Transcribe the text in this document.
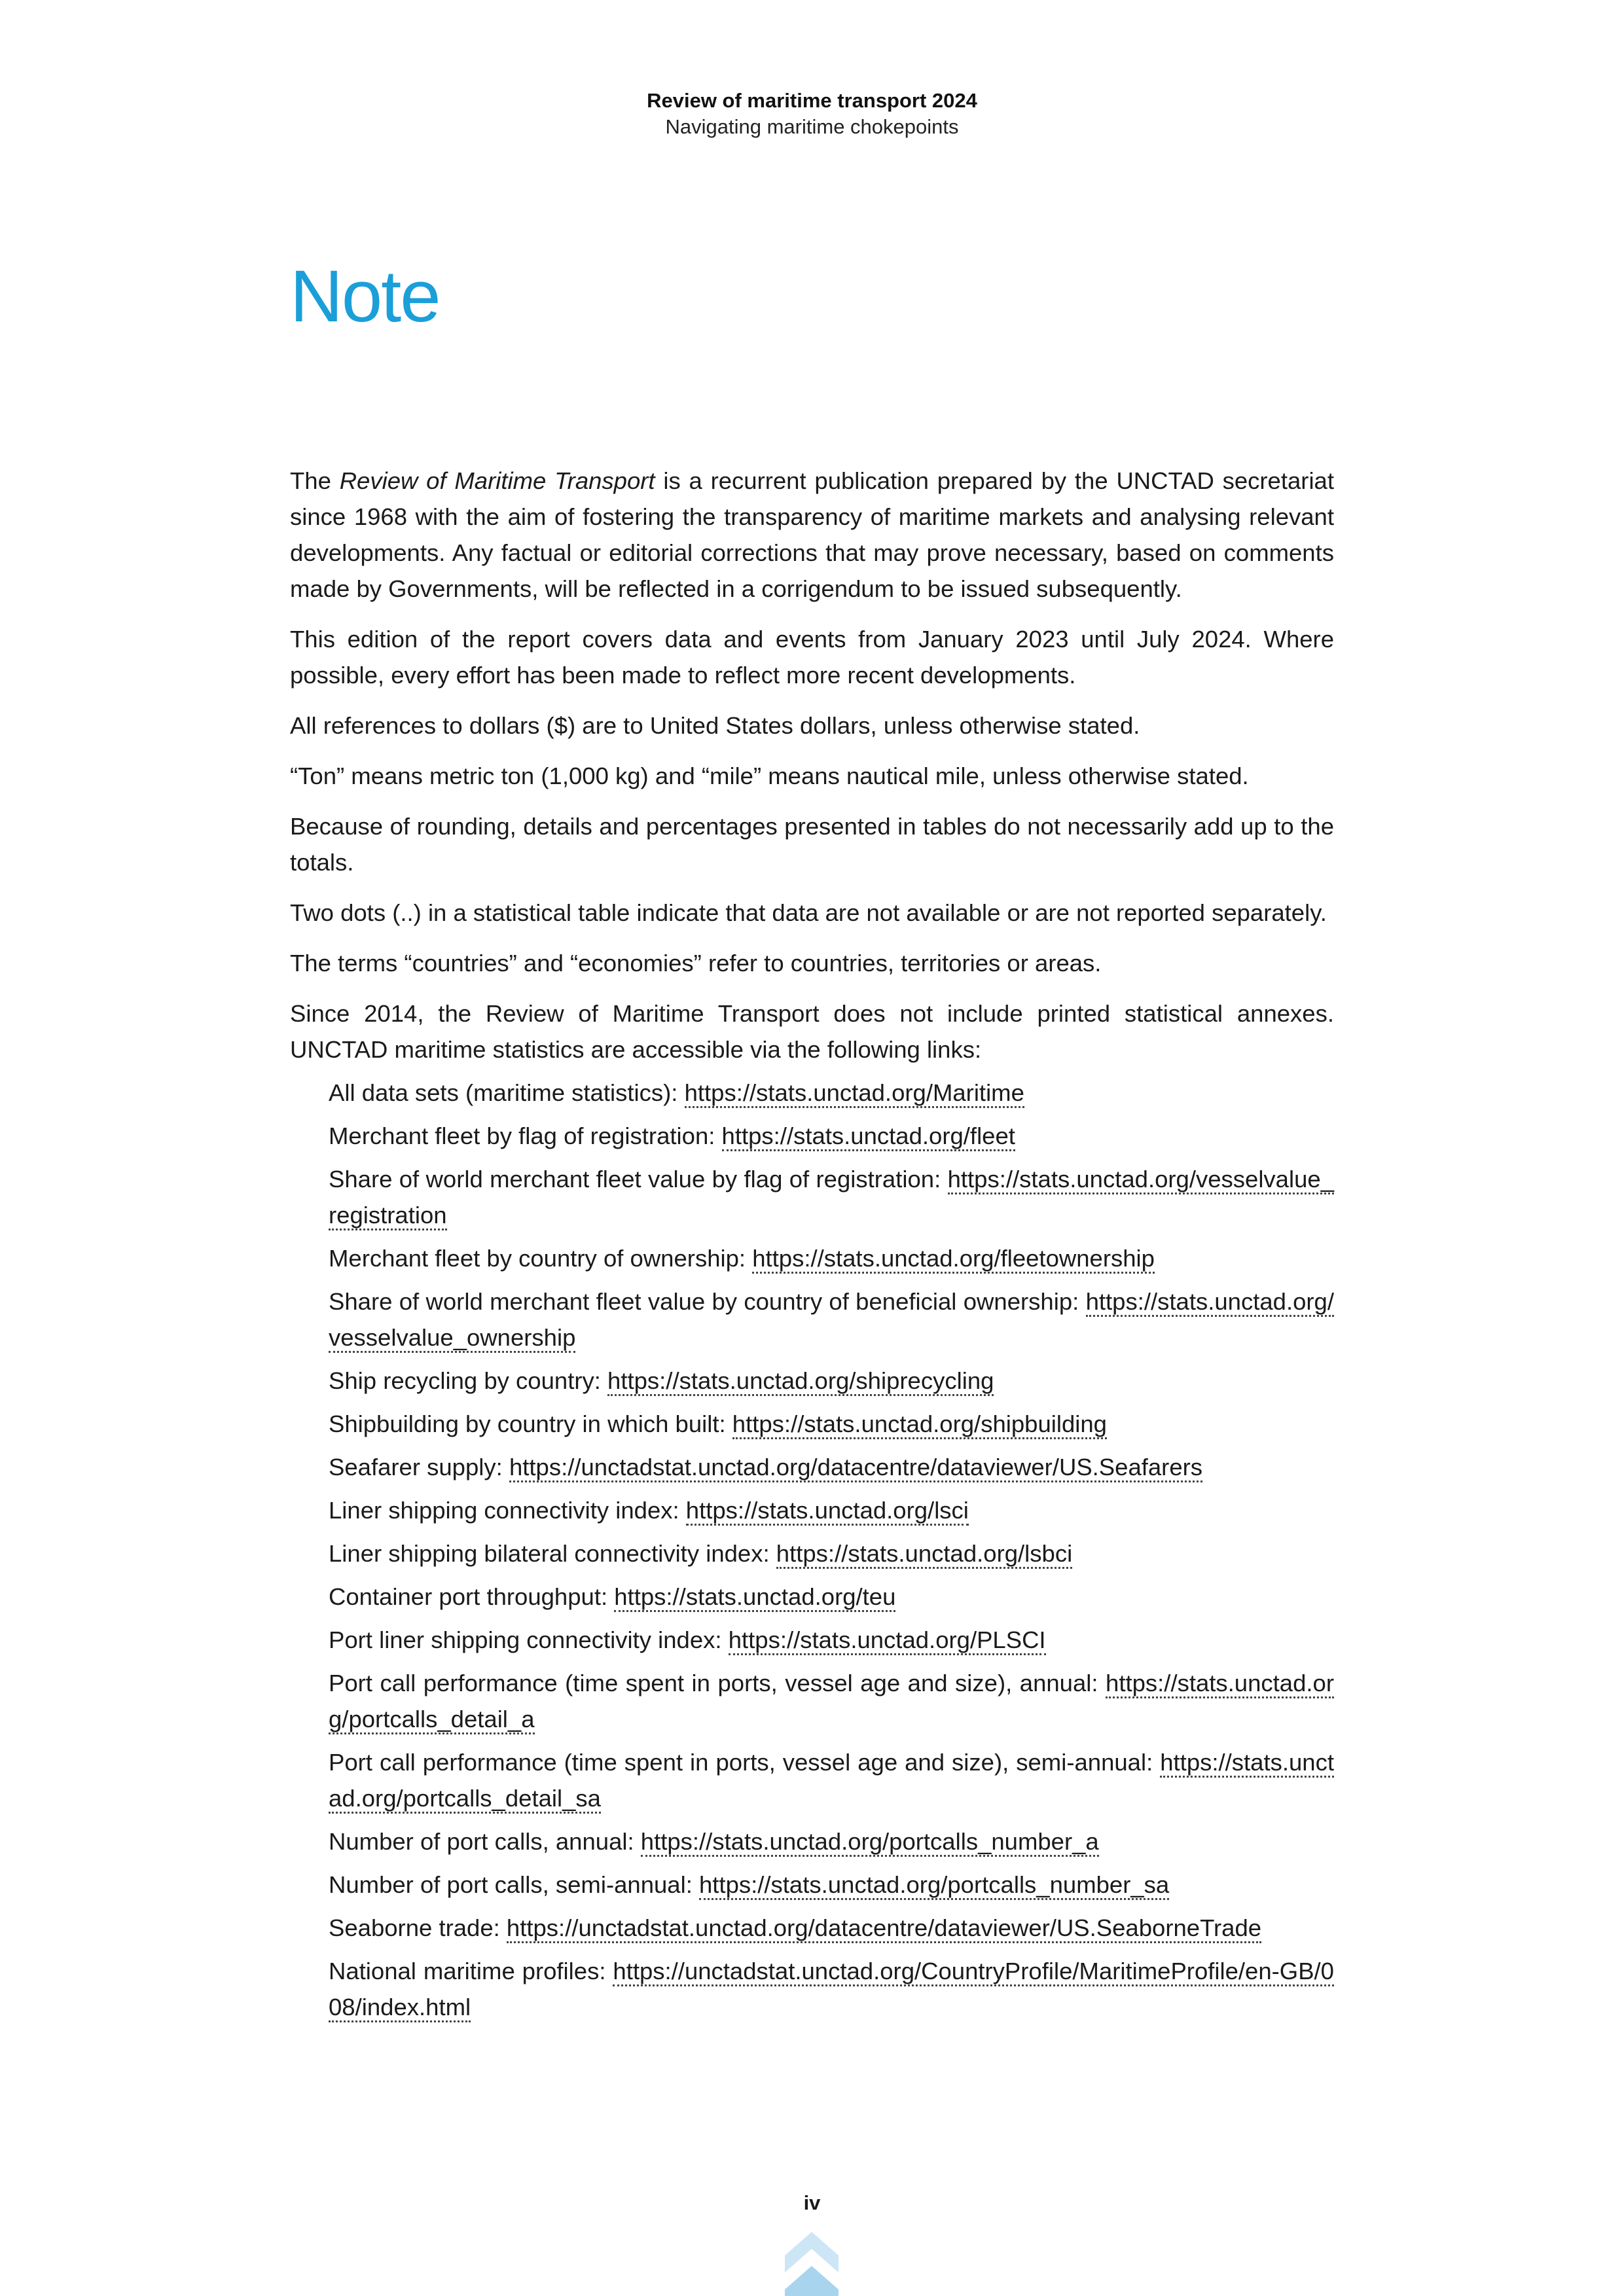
Review of maritime transport 2024
Navigating maritime chokepoints
Note

The Review of Maritime Transport is a recurrent publication prepared by the UNCTAD secretariat since 1968 with the aim of fostering the transparency of maritime markets and analysing relevant developments. Any factual or editorial corrections that may prove necessary, based on comments made by Governments, will be reflected in a corrigendum to be issued subsequently.

This edition of the report covers data and events from January 2023 until July 2024. Where possible, every effort has been made to reflect more recent developments.

All references to dollars ($) are to United States dollars, unless otherwise stated.

“Ton” means metric ton (1,000 kg) and “mile” means nautical mile, unless otherwise stated.

Because of rounding, details and percentages presented in tables do not necessarily add up to the totals.

Two dots (..) in a statistical table indicate that data are not available or are not reported separately.

The terms “countries” and “economies” refer to countries, territories or areas.

Since 2014, the Review of Maritime Transport does not include printed statistical annexes. UNCTAD maritime statistics are accessible via the following links:

All data sets (maritime statistics): https://stats.unctad.org/Maritime
Merchant fleet by flag of registration: https://stats.unctad.org/fleet
Share of world merchant fleet value by flag of registration: https://stats.unctad.org/vesselvalue_registration
Merchant fleet by country of ownership: https://stats.unctad.org/fleetownership
Share of world merchant fleet value by country of beneficial ownership: https://stats.unctad.org/vesselvalue_ownership
Ship recycling by country: https://stats.unctad.org/shiprecycling
Shipbuilding by country in which built: https://stats.unctad.org/shipbuilding
Seafarer supply: https://unctadstat.unctad.org/datacentre/dataviewer/US.Seafarers
Liner shipping connectivity index: https://stats.unctad.org/lsci
Liner shipping bilateral connectivity index: https://stats.unctad.org/lsbci
Container port throughput: https://stats.unctad.org/teu
Port liner shipping connectivity index: https://stats.unctad.org/PLSCI
Port call performance (time spent in ports, vessel age and size), annual: https://stats.unctad.org/portcalls_detail_a
Port call performance (time spent in ports, vessel age and size), semi-annual: https://stats.unctad.org/portcalls_detail_sa
Number of port calls, annual: https://stats.unctad.org/portcalls_number_a
Number of port calls, semi-annual: https://stats.unctad.org/portcalls_number_sa
Seaborne trade: https://unctadstat.unctad.org/datacentre/dataviewer/US.SeaborneTrade
National maritime profiles: https://unctadstat.unctad.org/CountryProfile/MaritimeProfile/en-GB/008/index.html
iv
